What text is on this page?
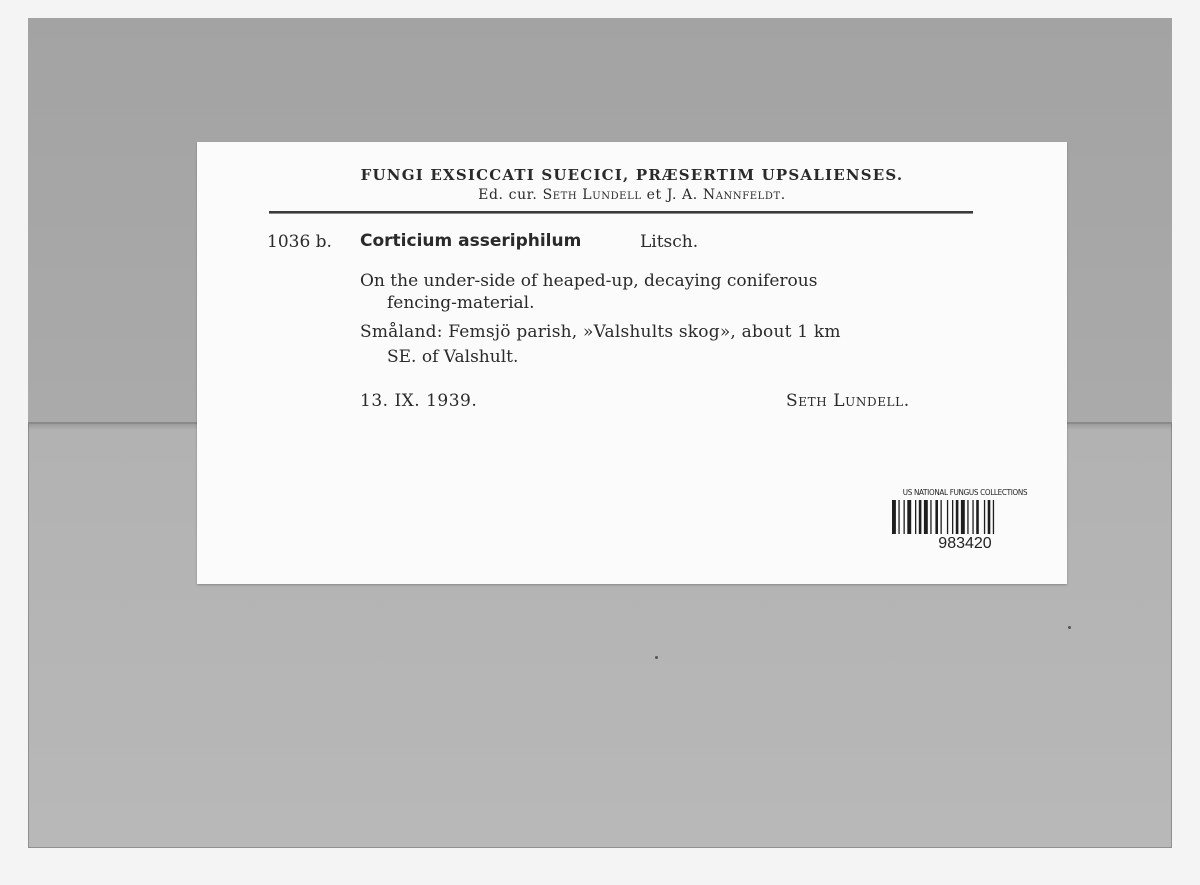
FUNGI EXSICCATI SUECICI, PRÆSERTIM UPSALIENSES.
Ed. cur. Seth Lundell et J. A. Nannfeldt.
1036 b. Corticium asseriphilum	Litsch.
On the under-side of heaped-up, decaying coniferous
fencing-material.
Småland: Femsjö parish, »Valshults skog», about 1 km
SE. of Valshult.
13. IX. 1939.	Seth Lundell.
US NATIONAL FUNGUS COLLECTIONS
983420
